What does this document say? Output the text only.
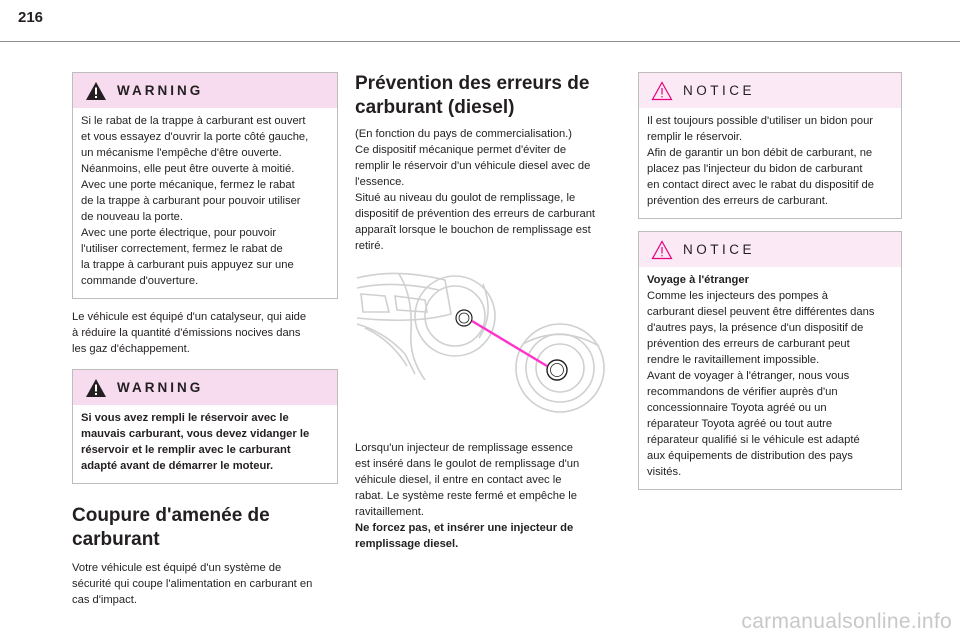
216
WARNING
Si le rabat de la trappe à carburant est ouvert
et vous essayez d'ouvrir la porte côté gauche,
un mécanisme l'empêche d'être ouverte.
Néanmoins, elle peut être ouverte à moitié.
Avec une porte mécanique, fermez le rabat
de la trappe à carburant pour pouvoir utiliser
de nouveau la porte.
Avec une porte électrique, pour pouvoir
l'utiliser correctement, fermez le rabat de
la trappe à carburant puis appuyez sur une
commande d'ouverture.
Le véhicule est équipé d'un catalyseur, qui aide
à réduire la quantité d'émissions nocives dans
les gaz d'échappement.
WARNING
Si vous avez rempli le réservoir avec le
mauvais carburant, vous devez vidanger le
réservoir et le remplir avec le carburant
adapté avant de démarrer le moteur.
Coupure d'amenée de
carburant
Votre véhicule est équipé d'un système de
sécurité qui coupe l'alimentation en carburant en
cas d'impact.
Prévention des erreurs de
carburant (diesel)
(En fonction du pays de commercialisation.)
Ce dispositif mécanique permet d'éviter de
remplir le réservoir d'un véhicule diesel avec de
l'essence.
Situé au niveau du goulot de remplissage, le
dispositif de prévention des erreurs de carburant
apparaît lorsque le bouchon de remplissage est
retiré.
Lorsqu'un injecteur de remplissage essence
est inséré dans le goulot de remplissage d'un
véhicule diesel, il entre en contact avec le
rabat. Le système reste fermé et empêche le
ravitaillement.
Ne forcez pas, et insérer une injecteur de
remplissage diesel.
NOTICE
Il est toujours possible d'utiliser un bidon pour
remplir le réservoir.
Afin de garantir un bon débit de carburant, ne
placez pas l'injecteur du bidon de carburant
en contact direct avec le rabat du dispositif de
prévention des erreurs de carburant.
NOTICE
Voyage à l'étranger
Comme les injecteurs des pompes à
carburant diesel peuvent être différentes dans
d'autres pays, la présence d'un dispositif de
prévention des erreurs de carburant peut
rendre le ravitaillement impossible.
Avant de voyager à l'étranger, nous vous
recommandons de vérifier auprès d'un
concessionnaire Toyota agréé ou un
réparateur Toyota agréé ou tout autre
réparateur qualifié si le véhicule est adapté
aux équipements de distribution des pays
visités.
carmanualsonline.info
